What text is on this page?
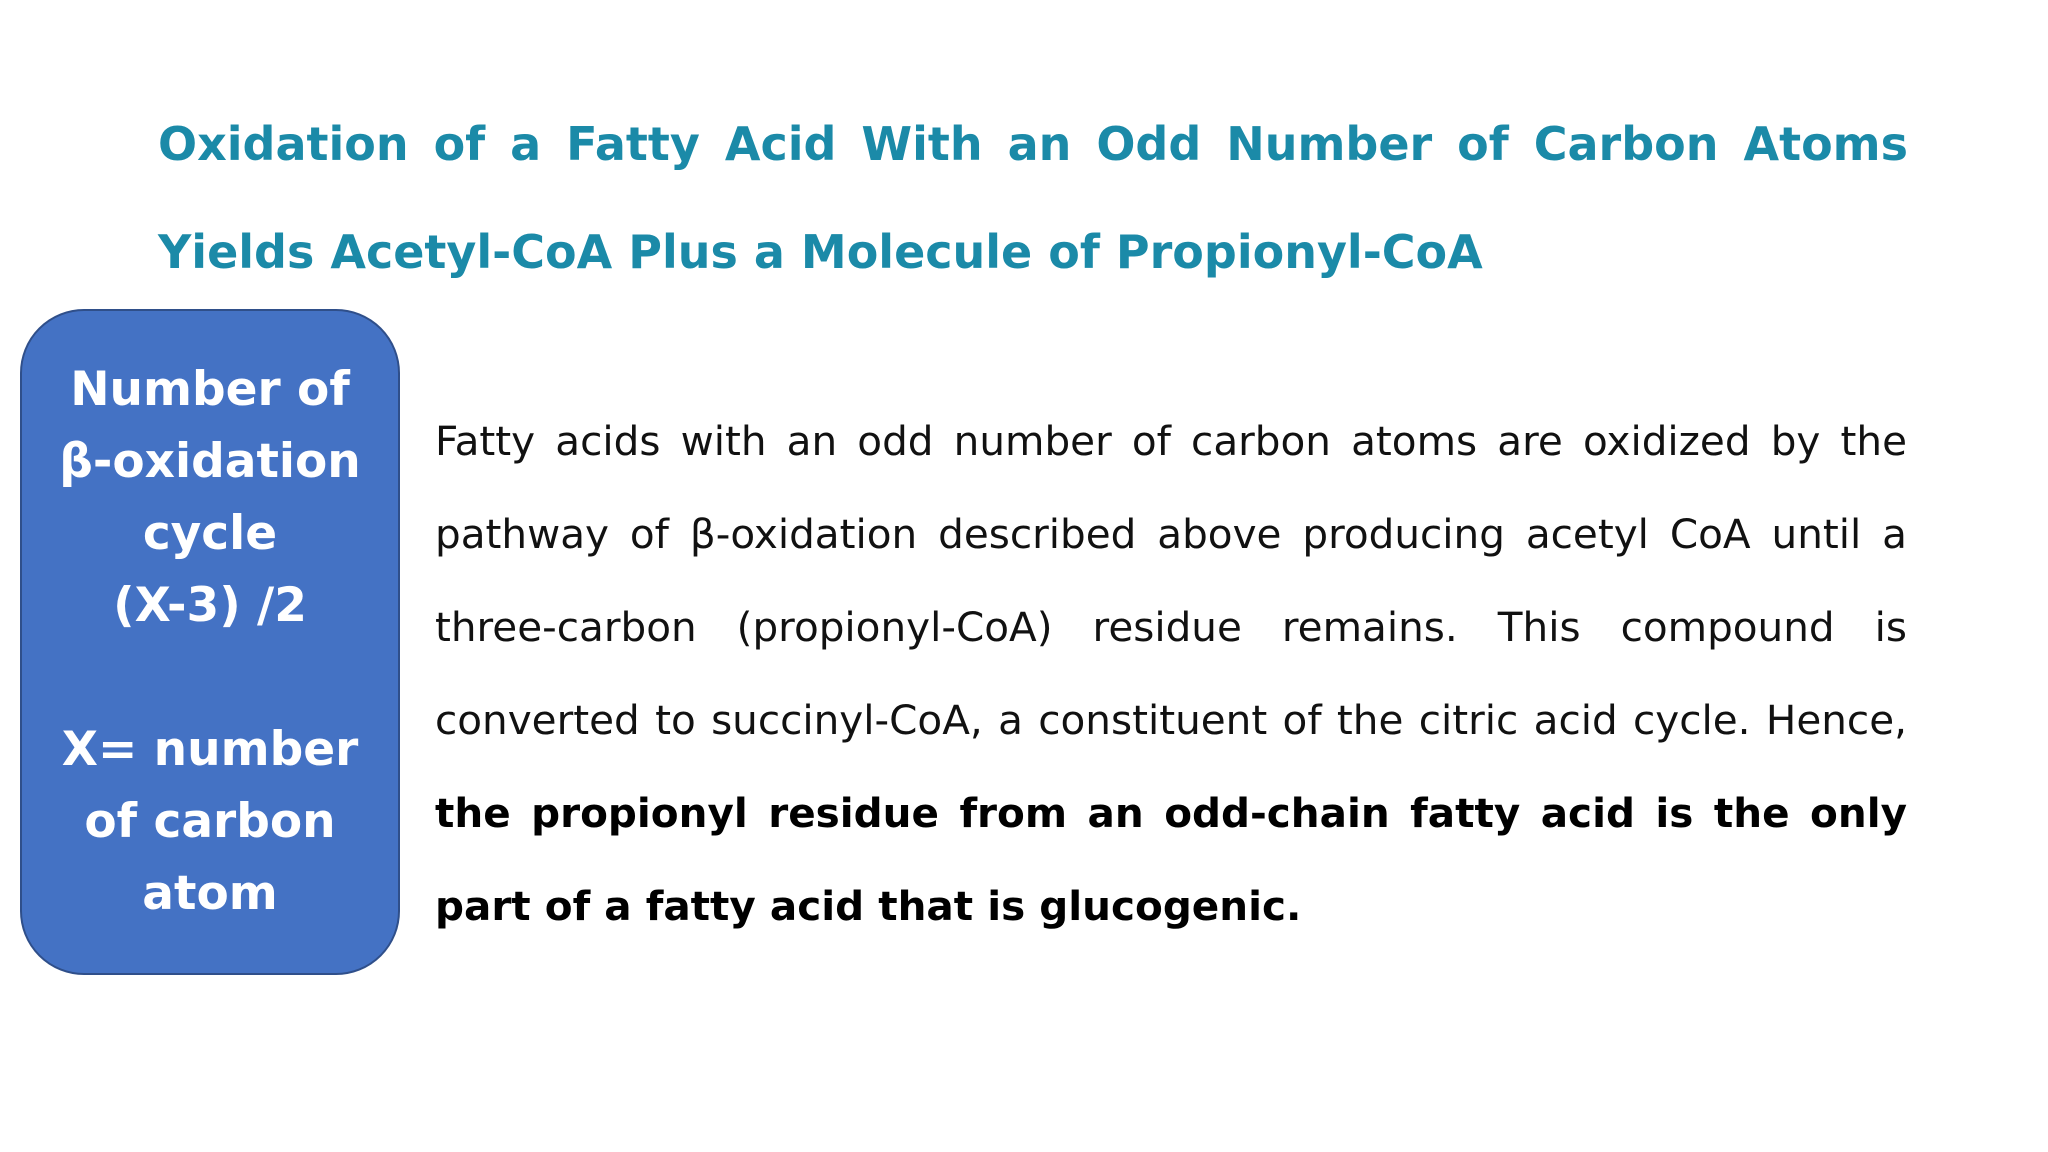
Oxidation of a Fatty Acid With an Odd Number of Carbon Atoms
Yields Acetyl-CoA Plus a Molecule of Propionyl-CoA
Number of
β-oxidation
cycle
(X-3) /2
X= number
of carbon
atom

Fatty acids with an odd number of carbon atoms are oxidized by the pathway of β-oxidation described above producing acetyl CoA until a three-carbon (propionyl-CoA) residue remains. This compound is converted to succinyl-CoA, a constituent of the citric acid cycle. Hence, the propionyl residue from an odd-chain fatty acid is the only part of a fatty acid that is glucogenic.
